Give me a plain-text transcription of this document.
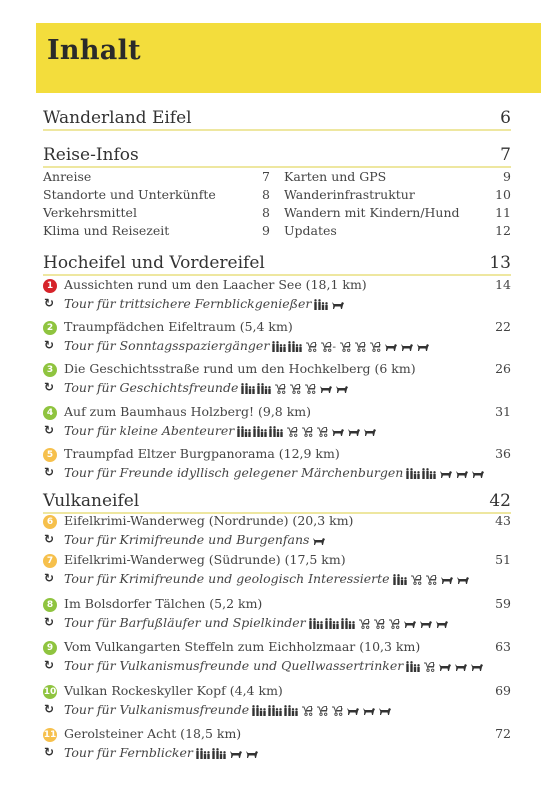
Inhalt
Wanderland Eifel	6
Reise-Infos	7
Anreise	7
Standorte und Unterkünfte	8
Verkehrsmittel	8
Klima und Reisezeit	9
Karten und GPS	9
Wanderinfrastruktur	10
Wandern mit Kindern/Hund	11
Updates	12
Hocheifel und Vordereifel	13
1 Aussichten rund um den Laacher See (18,1 km)	14
↻ Tour für trittsichere Fernblickgenießer
2 Traumpfädchen Eifeltraum (5,4 km)	22
↻ Tour für Sonntagsspaziergänger	-
3 Die Geschichtsstraße rund um den Hochkelberg (6 km)	26
↻ Tour für Geschichtsfreunde
4 Auf zum Baumhaus Holzberg! (9,8 km)	31
↻ Tour für kleine Abenteurer
5 Traumpfad Eltzer Burgpanorama (12,9 km)	36
↻ Tour für Freunde idyllisch gelegener Märchenburgen
Vulkaneifel	42
6 Eifelkrimi-Wanderweg (Nordrunde) (20,3 km)	43
↻ Tour für Krimifreunde und Burgenfans
7 Eifelkrimi-Wanderweg (Südrunde) (17,5 km)	51
↻ Tour für Krimifreunde und geologisch Interessierte
8 Im Bolsdorfer Tälchen (5,2 km)	59
↻ Tour für Barfußläufer und Spielkinder
9 Vom Vulkangarten Steffeln zum Eichholzmaar (10,3 km)	63
↻ Tour für Vulkanismusfreunde und Quellwassertrinker
10 Vulkan Rockeskyller Kopf (4,4 km)	69
↻ Tour für Vulkanismusfreunde
11 Gerolsteiner Acht (18,5 km)	72
↻ Tour für Fernblicker
